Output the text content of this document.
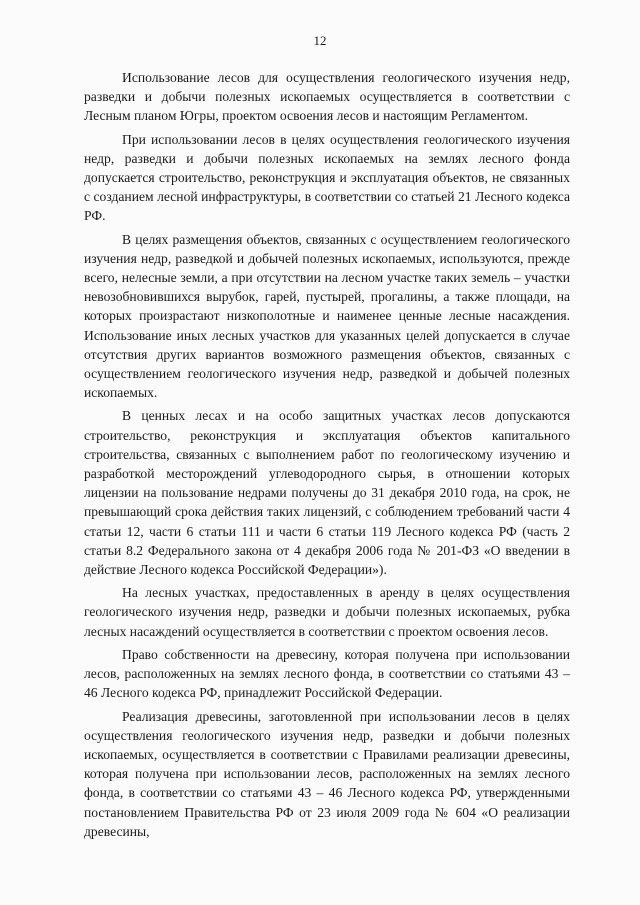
12

Использование лесов для осуществления геологического изучения недр, разведки и добычи полезных ископаемых осуществляется в соответствии с Лесным планом Югры, проектом освоения лесов и настоящим Регламентом.

При использовании лесов в целях осуществления геологического изучения недр, разведки и добычи полезных ископаемых на землях лесного фонда допускается строительство, реконструкция и эксплуатация объектов, не связанных с созданием лесной инфраструктуры, в соответствии со статьей 21 Лесного кодекса РФ.

В целях размещения объектов, связанных с осуществлением геологического изучения недр, разведкой и добычей полезных ископаемых, используются, прежде всего, нелесные земли, а при отсутствии на лесном участке таких земель – участки невозобновившихся вырубок, гарей, пустырей, прогалины, а также площади, на которых произрастают низкополотные и наименее ценные лесные насаждения. Использование иных лесных участков для указанных целей допускается в случае отсутствия других вариантов возможного размещения объектов, связанных с осуществлением геологического изучения недр, разведкой и добычей полезных ископаемых.

В ценных лесах и на особо защитных участках лесов допускаются строительство, реконструкция и эксплуатация объектов капитального строительства, связанных с выполнением работ по геологическому изучению и разработкой месторождений углеводородного сырья, в отношении которых лицензии на пользование недрами получены до 31 декабря 2010 года, на срок, не превышающий срока действия таких лицензий, с соблюдением требований части 4 статьи 12, части 6 статьи 111 и части 6 статьи 119 Лесного кодекса РФ (часть 2 статьи 8.2 Федерального закона от 4 декабря 2006 года № 201-ФЗ «О введении в действие Лесного кодекса Российской Федерации»).

На лесных участках, предоставленных в аренду в целях осуществления геологического изучения недр, разведки и добычи полезных ископаемых, рубка лесных насаждений осуществляется в соответствии с проектом освоения лесов.

Право собственности на древесину, которая получена при использовании лесов, расположенных на землях лесного фонда, в соответствии со статьями 43 – 46 Лесного кодекса РФ, принадлежит Российской Федерации.

Реализация древесины, заготовленной при использовании лесов в целях осуществления геологического изучения недр, разведки и добычи полезных ископаемых, осуществляется в соответствии с Правилами реализации древесины, которая получена при использовании лесов, расположенных на землях лесного фонда, в соответствии со статьями 43 – 46 Лесного кодекса РФ, утвержденными постановлением Правительства РФ от 23 июля 2009 года № 604 «О реализации древесины,
